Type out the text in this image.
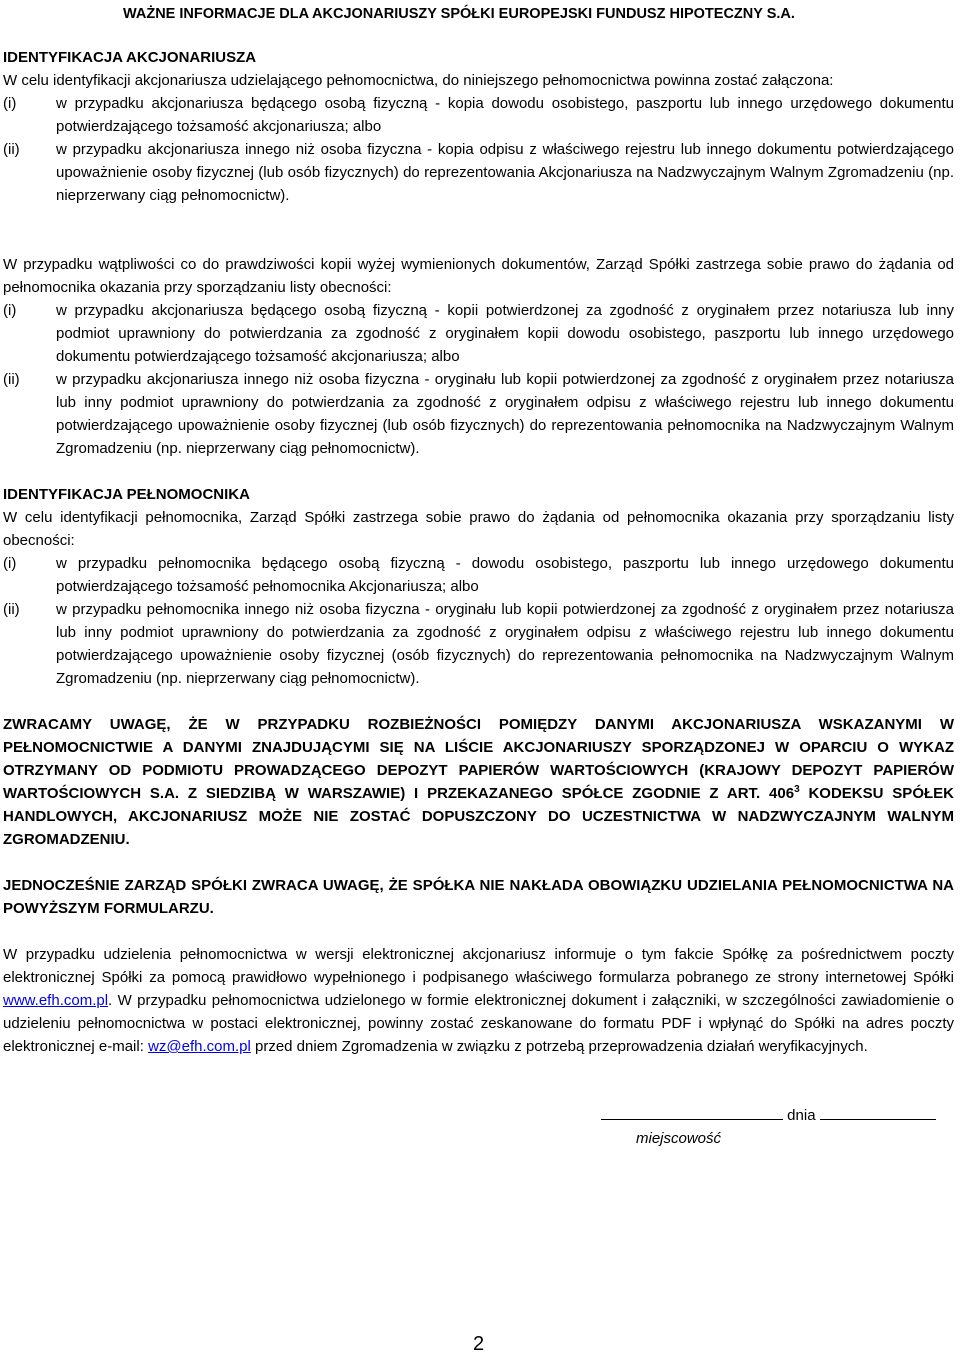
WAŻNE INFORMACJE DLA AKCJONARIUSZY SPÓŁKI EUROPEJSKI FUNDUSZ HIPOTECZNY S.A.

IDENTYFIKACJA AKCJONARIUSZA

W celu identyfikacji akcjonariusza udzielającego pełnomocnictwa, do niniejszego pełnomocnictwa powinna zostać załączona:

(i)	w przypadku akcjonariusza będącego osobą fizyczną - kopia dowodu osobistego, paszportu lub innego urzędowego dokumentu potwierdzającego tożsamość akcjonariusza; albo
(ii)	w przypadku akcjonariusza innego niż osoba fizyczna - kopia odpisu z właściwego rejestru lub innego dokumentu potwierdzającego upoważnienie osoby fizycznej (lub osób fizycznych) do reprezentowania Akcjonariusza na Nadzwyczajnym Walnym Zgromadzeniu (np. nieprzerwany ciąg pełnomocnictw).

W przypadku wątpliwości co do prawdziwości kopii wyżej wymienionych dokumentów, Zarząd Spółki zastrzega sobie prawo do żądania od pełnomocnika okazania przy sporządzaniu listy obecności:

(i)	w przypadku akcjonariusza będącego osobą fizyczną - kopii potwierdzonej za zgodność z oryginałem przez notariusza lub inny podmiot uprawniony do potwierdzania za zgodność z oryginałem kopii dowodu osobistego, paszportu lub innego urzędowego dokumentu potwierdzającego tożsamość akcjonariusza; albo
(ii)	w przypadku akcjonariusza innego niż osoba fizyczna - oryginału lub kopii potwierdzonej za zgodność z oryginałem przez notariusza lub inny podmiot uprawniony do potwierdzania za zgodność z oryginałem odpisu z właściwego rejestru lub innego dokumentu potwierdzającego upoważnienie osoby fizycznej (lub osób fizycznych) do reprezentowania pełnomocnika na Nadzwyczajnym Walnym Zgromadzeniu (np. nieprzerwany ciąg pełnomocnictw).

IDENTYFIKACJA PEŁNOMOCNIKA

W celu identyfikacji pełnomocnika, Zarząd Spółki zastrzega sobie prawo do żądania od pełnomocnika okazania przy sporządzaniu listy obecności:

(i)	w przypadku pełnomocnika będącego osobą fizyczną - dowodu osobistego, paszportu lub innego urzędowego dokumentu potwierdzającego tożsamość pełnomocnika Akcjonariusza; albo
(ii)	w przypadku pełnomocnika innego niż osoba fizyczna - oryginału lub kopii potwierdzonej za zgodność z oryginałem przez notariusza lub inny podmiot uprawniony do potwierdzania za zgodność z oryginałem odpisu z właściwego rejestru lub innego dokumentu potwierdzającego upoważnienie osoby fizycznej (osób fizycznych) do reprezentowania pełnomocnika na Nadzwyczajnym Walnym Zgromadzeniu (np. nieprzerwany ciąg pełnomocnictw).

ZWRACAMY UWAGĘ, ŻE W PRZYPADKU ROZBIEŻNOŚCI POMIĘDZY DANYMI AKCJONARIUSZA WSKAZANYMI W PEŁNOMOCNICTWIE A DANYMI ZNAJDUJĄCYMI SIĘ NA LIŚCIE AKCJONARIUSZY SPORZĄDZONEJ W OPARCIU O WYKAZ OTRZYMANY OD PODMIOTU PROWADZĄCEGO DEPOZYT PAPIERÓW WARTOŚCIOWYCH (KRAJOWY DEPOZYT PAPIERÓW WARTOŚCIOWYCH S.A. Z SIEDZIBĄ W WARSZAWIE) I PRZEKAZANEGO SPÓŁCE ZGODNIE Z ART. $406^3$ KODEKSU SPÓŁEK HANDLOWYCH, AKCJONARIUSZ MOŻE NIE ZOSTAĆ DOPUSZCZONY DO UCZESTNICTWA W NADZWYCZAJNYM WALNYM ZGROMADZENIU.

JEDNOCZEŚNIE ZARZĄD SPÓŁKI ZWRACA UWAGĘ, ŻE SPÓŁKA NIE NAKŁADA OBOWIĄZKU UDZIELANIA PEŁNOMOCNICTWA NA POWYŻSZYM FORMULARZU.

W przypadku udzielenia pełnomocnictwa w wersji elektronicznej akcjonariusz informuje o tym fakcie Spółkę za pośrednictwem poczty elektronicznej Spółki za pomocą prawidłowo wypełnionego i podpisanego właściwego formularza pobranego ze strony internetowej Spółki www.efh.com.pl. W przypadku pełnomocnictwa udzielonego w formie elektronicznej dokument i załączniki, w szczególności zawiadomienie o udzieleniu pełnomocnictwa w postaci elektronicznej, powinny zostać zeskanowane do formatu PDF i wpłynąć do Spółki na adres poczty elektronicznej e-mail: wz@efh.com.pl przed dniem Zgromadzenia w związku z potrzebą przeprowadzenia działań weryfikacyjnych.

dnia
miejscowość
2
